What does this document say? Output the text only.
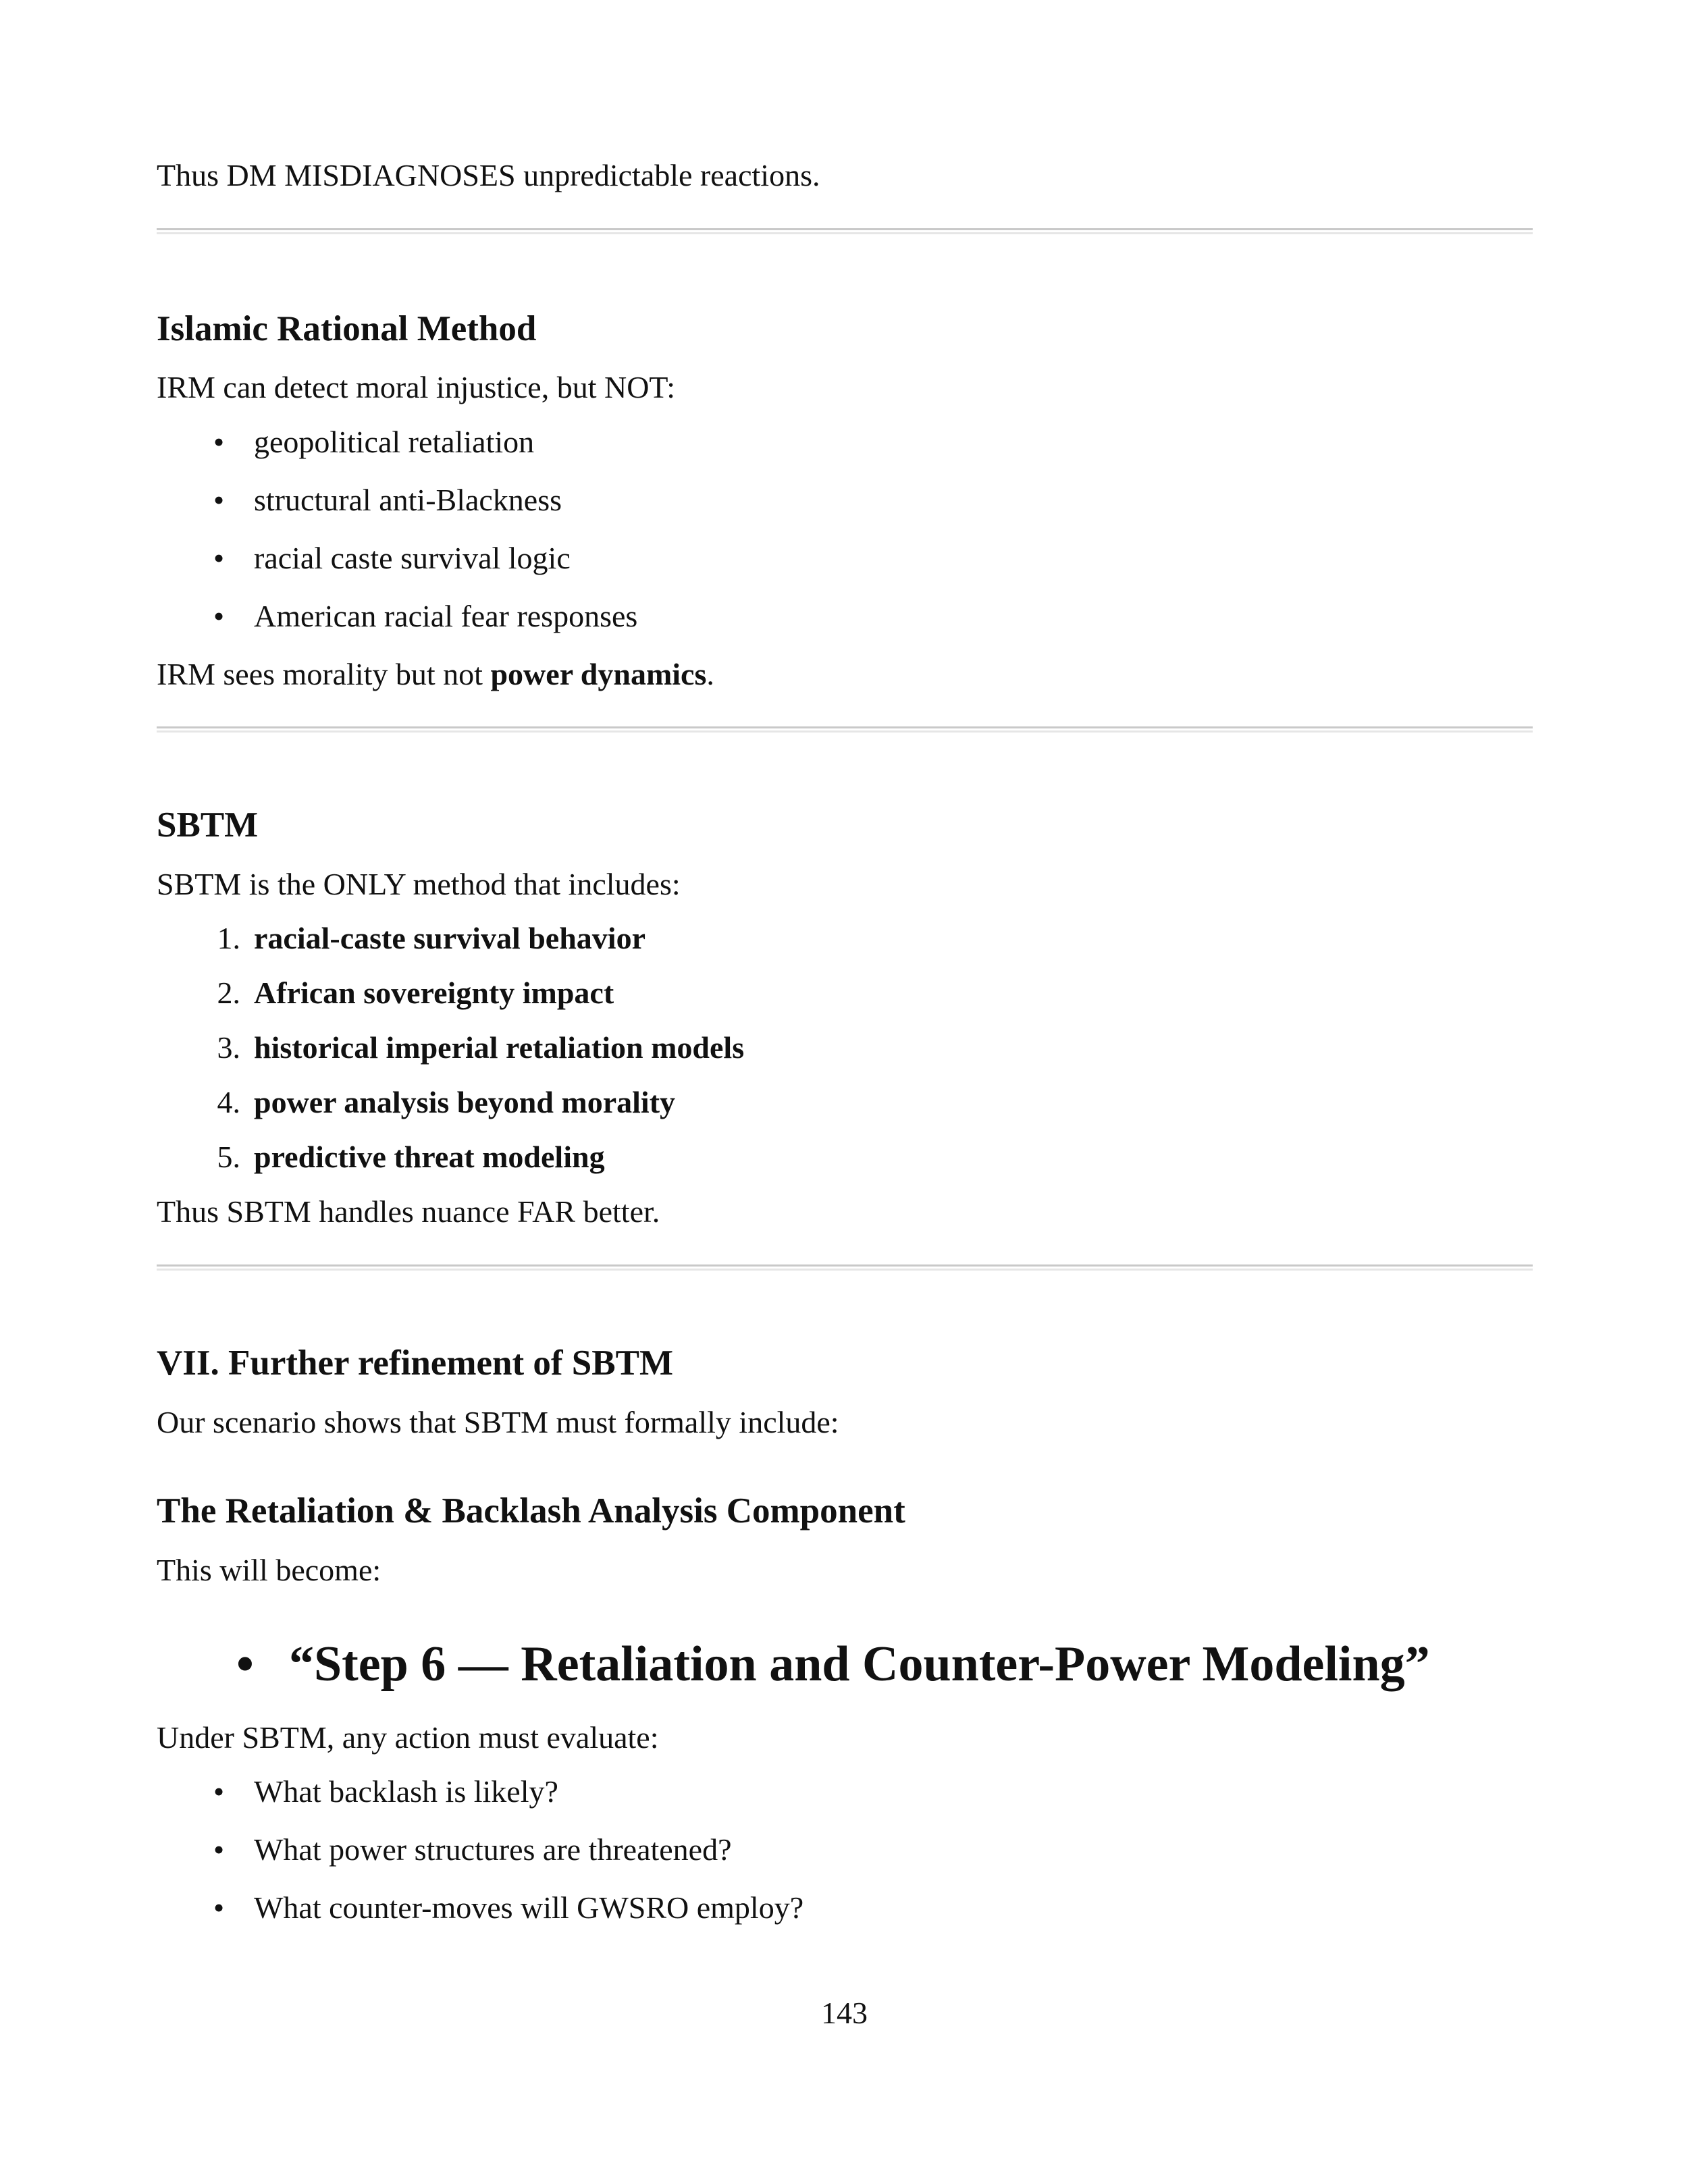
Thus DM MISDIAGNOSES unpredictable reactions.
Islamic Rational Method
IRM can detect moral injustice, but NOT:
• geopolitical retaliation
• structural anti-Blackness
• racial caste survival logic
• American racial fear responses
IRM sees morality but not power dynamics.
SBTM
SBTM is the ONLY method that includes:
1. racial-caste survival behavior
2. African sovereignty impact
3. historical imperial retaliation models
4. power analysis beyond morality
5. predictive threat modeling
Thus SBTM handles nuance FAR better.
VII. Further refinement of SBTM
Our scenario shows that SBTM must formally include:
The Retaliation & Backlash Analysis Component
This will become:
• “Step 6 — Retaliation and Counter-Power Modeling”
Under SBTM, any action must evaluate:
• What backlash is likely?
• What power structures are threatened?
• What counter-moves will GWSRO employ?
143
